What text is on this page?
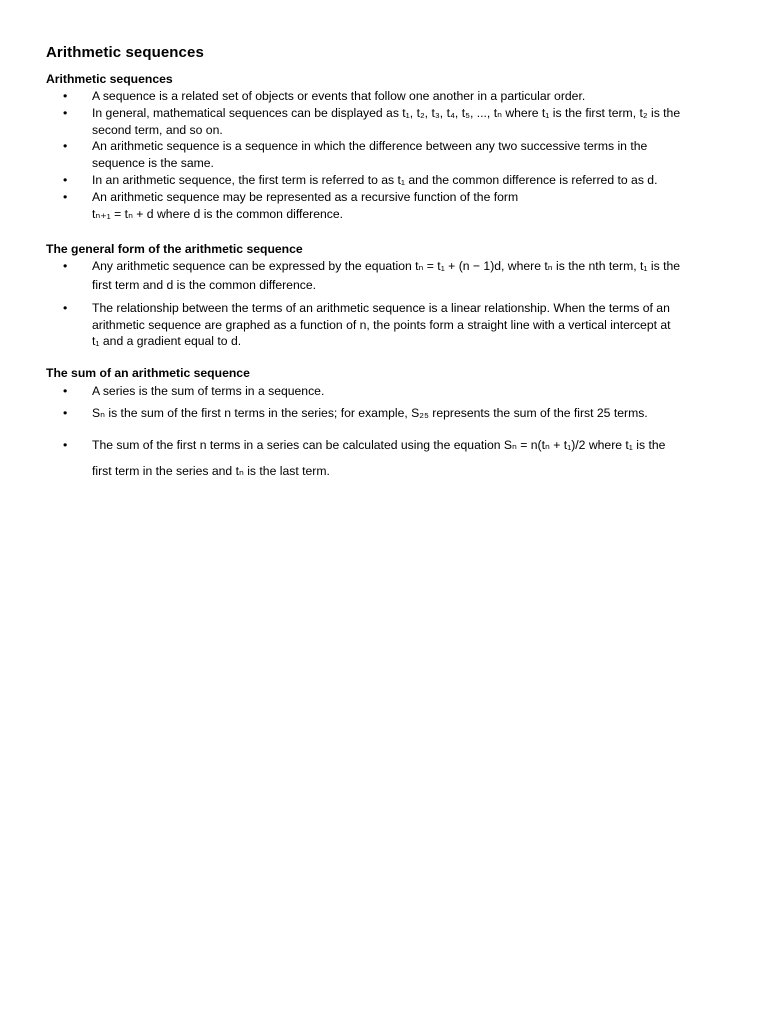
Arithmetic sequences
Arithmetic sequences
• A sequence is a related set of objects or events that follow one another in a particular order.
• In general, mathematical sequences can be displayed as t₁, t₂, t₃, t₄, t₅, ..., tₙ where t₁ is the first term, t₂ is the
second term, and so on.
• An arithmetic sequence is a sequence in which the difference between any two successive terms in the
sequence is the same.
• In an arithmetic sequence, the first term is referred to as t₁ and the common difference is referred to as d.
• An arithmetic sequence may be represented as a recursive function of the form
tₙ₊₁ = tₙ + d where d is the common difference.
The general form of the arithmetic sequence
• Any arithmetic sequence can be expressed by the equation tₙ = t₁ + (n − 1)d, where tₙ is the nth term, t₁ is the
first term and d is the common difference.
• The relationship between the terms of an arithmetic sequence is a linear relationship. When the terms of an
arithmetic sequence are graphed as a function of n, the points form a straight line with a vertical intercept at
t₁ and a gradient equal to d.
The sum of an arithmetic sequence
• A series is the sum of terms in a sequence.
• Sₙ is the sum of the first n terms in the series; for example, S₂₅ represents the sum of the first 25 terms.
• The sum of the first n terms in a series can be calculated using the equation Sₙ = n(tₙ + t₁)/2 where t₁ is the
first term in the series and tₙ is the last term.
